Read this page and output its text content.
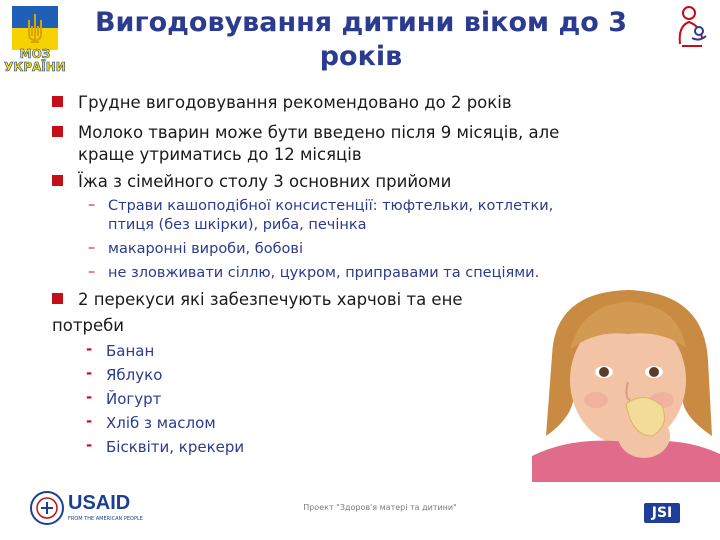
МОЗ
УКРАЇНИ
Вигодовування дитини віком до 3 років
Грудне вигодовування рекомендовано до 2 років
Молоко тварин може бути введено після 9 місяців, але
краще утриматись до 12 місяців
Їжа з сімейного столу 3 основних прийоми
– Страви кашоподібної консистенції: тюфтельки, котлетки,
птиця (без шкірки), риба, печінка
– макаронні вироби, бобові
– не зловживати сіллю, цукром, приправами та спеціями.
2 перекуси які забезпечують харчові та ене
потреби
- Банан
- Яблуко
- Йогурт
- Хліб з маслом
- Бісквіти, крекери
USAID
FROM THE AMERICAN PEOPLE
Проект "Здоров'я матері та дитини"	JSI
